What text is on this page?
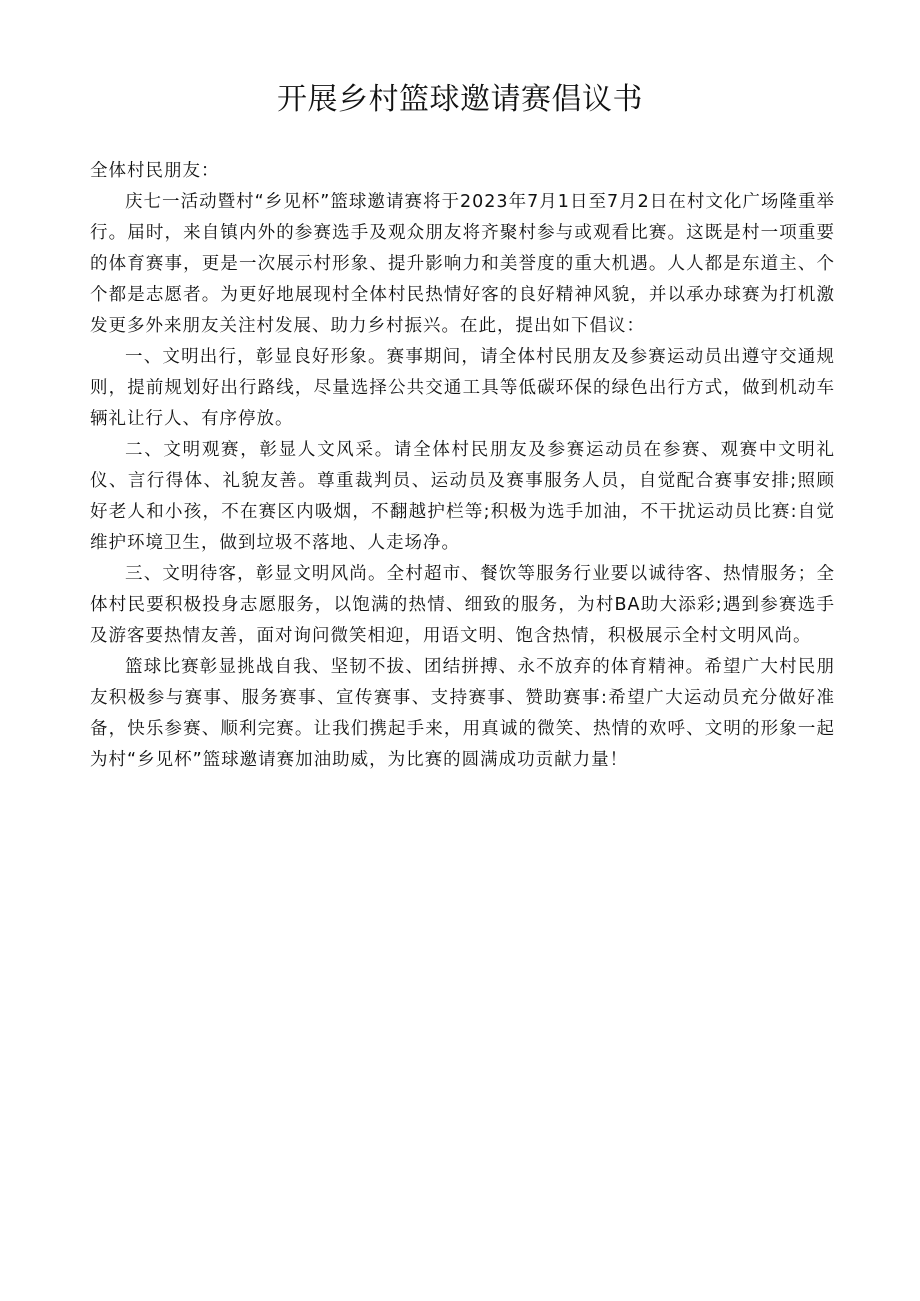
开展乡村篮球邀请赛倡议书

全体村民朋友：

庆七一活动暨村“乡见杯”篮球邀请赛将于2023年7月1日至7月2日在村文化广场隆重举行。届时，来自镇内外的参赛选手及观众朋友将齐聚村参与或观看比赛。这既是村一项重要的体育赛事，更是一次展示村形象、提升影响力和美誉度的重大机遇。人人都是东道主、个个都是志愿者。为更好地展现村全体村民热情好客的良好精神风貌，并以承办球赛为打机激发更多外来朋友关注村发展、助力乡村振兴。在此，提出如下倡议：

一、文明出行，彰显良好形象。赛事期间，请全体村民朋友及参赛运动员出遵守交通规则，提前规划好出行路线，尽量选择公共交通工具等低碳环保的绿色出行方式，做到机动车辆礼让行人、有序停放。

二、文明观赛，彰显人文风采。请全体村民朋友及参赛运动员在参赛、观赛中文明礼仪、言行得体、礼貌友善。尊重裁判员、运动员及赛事服务人员，自觉配合赛事安排;照顾好老人和小孩，不在赛区内吸烟，不翻越护栏等;积极为选手加油，不干扰运动员比赛:自觉维护环境卫生，做到垃圾不落地、人走场净。

三、文明待客，彰显文明风尚。全村超市、餐饮等服务行业要以诚待客、热情服务；全体村民要积极投身志愿服务，以饱满的热情、细致的服务，为村BA助大添彩;遇到参赛选手及游客要热情友善，面对询问微笑相迎，用语文明、饱含热情，积极展示全村文明风尚。

篮球比赛彰显挑战自我、坚韧不拔、团结拼搏、永不放弃的体育精神。希望广大村民朋友积极参与赛事、服务赛事、宣传赛事、支持赛事、赞助赛事:希望广大运动员充分做好准备，快乐参赛、顺利完赛。让我们携起手来，用真诚的微笑、热情的欢呼、文明的形象一起为村“乡见杯”篮球邀请赛加油助威，为比赛的圆满成功贡献力量！
